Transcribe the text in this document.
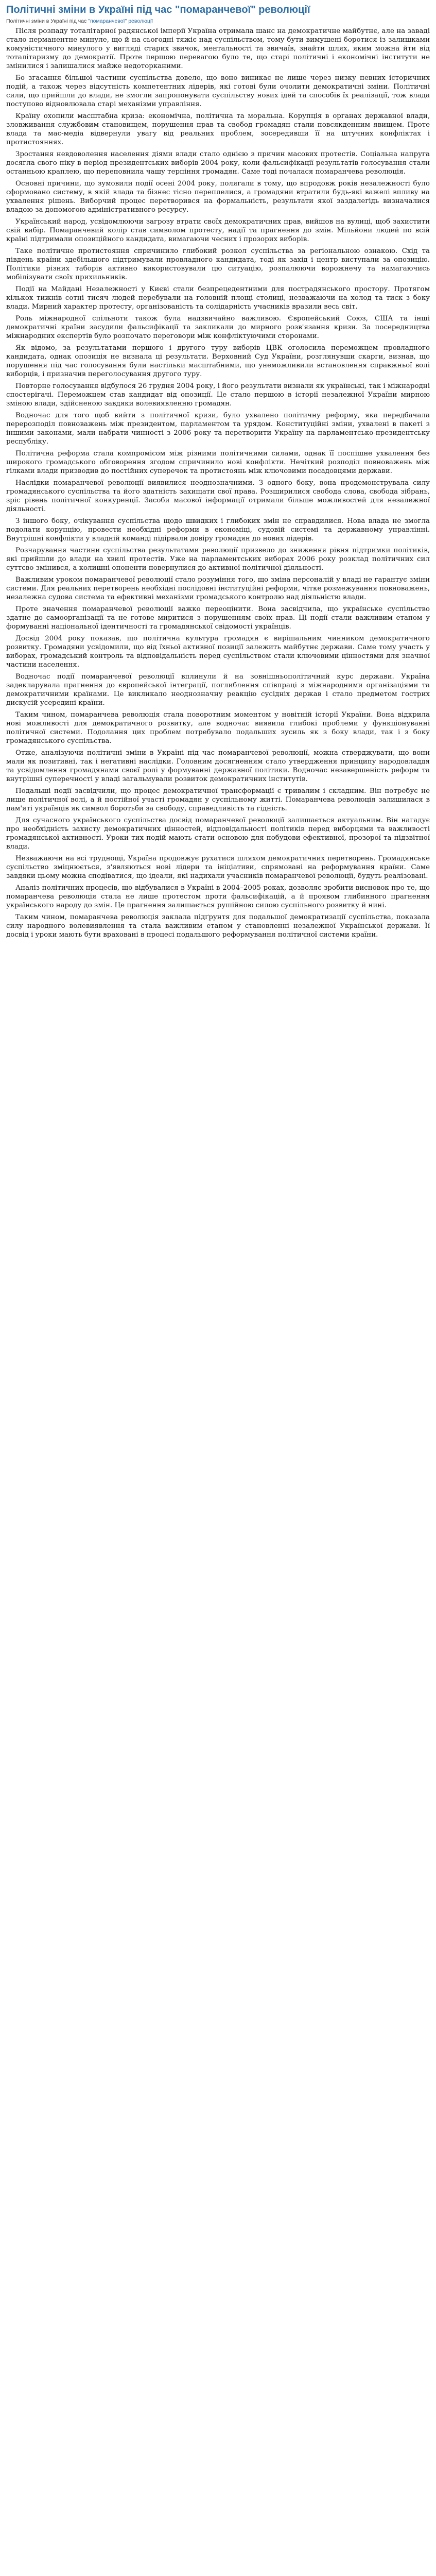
Політичні зміни в Україні під час "помаранчевої" революції
Політичні зміни в Україні під час "помаранчевої" революції

Після розпаду тоталітарної радянської імперії Україна отримала шанс на демократичне майбутнє, але на заваді стало перманентне минуле, що й на сьогодні тяжіє над суспільством, тому бути вимушені боротися із залишками комуністичного минулого у вигляді старих звичок, ментальності та звичаїв, знайти шлях, яким можна йти від тоталітаризму до демократії. Проте першою перевагою було те, що старі політичні і економічні інститути не змінилися і залишалися майже недоторканими.

Бо згасання більшої частини суспільства довело, що воно виникає не лише через низку певних історичних подій, а також через відсутність компетентних лідерів, які готові були очолити демократичні зміни. Політичні сили, що прийшли до влади, не змогли запропонувати суспільству нових ідей та способів їх реалізації, тож влада поступово відновлювала старі механізми управління.

Країну охопили масштабна криза: економічна, політична та моральна. Корупція в органах державної влади, зловживання службовим становищем, порушення прав та свобод громадян стали повсякденним явищем. Проте влада та мас-медіа відвернули увагу від реальних проблем, зосередивши її на штучних конфліктах і протистояннях.

Зростання невдоволення населення діями влади стало однією з причин масових протестів. Соціальна напруга досягла свого піку в період президентських виборів 2004 року, коли фальсифікації результатів голосування стали останньою краплею, що переповнила чашу терпіння громадян. Саме тоді почалася помаранчева революція.

Основні причини, що зумовили події осені 2004 року, полягали в тому, що впродовж років незалежності було сформовано систему, в якій влада та бізнес тісно переплелися, а громадяни втратили будь-які важелі впливу на ухвалення рішень. Виборчий процес перетворився на формальність, результати якої заздалегідь визначалися владою за допомогою адміністративного ресурсу.

Український народ, усвідомлюючи загрозу втрати своїх демократичних прав, вийшов на вулиці, щоб захистити свій вибір. Помаранчевий колір став символом протесту, надії та прагнення до змін. Мільйони людей по всій країні підтримали опозиційного кандидата, вимагаючи чесних і прозорих виборів.

Таке політичне протистояння спричинило глибокий розкол суспільства за регіональною ознакою. Схід та південь країни здебільшого підтримували провладного кандидата, тоді як захід і центр виступали за опозицію. Політики різних таборів активно використовували цю ситуацію, розпалюючи ворожнечу та намагаючись мобілізувати своїх прихильників.

Події на Майдані Незалежності у Києві стали безпрецедентними для пострадянського простору. Протягом кількох тижнів сотні тисяч людей перебували на головній площі столиці, незважаючи на холод та тиск з боку влади. Мирний характер протесту, організованість та солідарність учасників вразили весь світ.

Роль міжнародної спільноти також була надзвичайно важливою. Європейський Союз, США та інші демократичні країни засудили фальсифікації та закликали до мирного розв'язання кризи. За посередництва міжнародних експертів було розпочато переговори між конфліктуючими сторонами.

Як відомо, за результатами першого і другого туру виборів ЦВК оголосила переможцем провладного кандидата, однак опозиція не визнала ці результати. Верховний Суд України, розглянувши скарги, визнав, що порушення під час голосування були настільки масштабними, що унеможливили встановлення справжньої волі виборців, і призначив переголосування другого туру.

Повторне голосування відбулося 26 грудня 2004 року, і його результати визнали як українські, так і міжнародні спостерігачі. Переможцем став кандидат від опозиції. Це стало першою в історії незалежної України мирною зміною влади, здійсненою завдяки волевиявленню громадян.

Водночас для того щоб вийти з політичної кризи, було ухвалено політичну реформу, яка передбачала перерозподіл повноважень між президентом, парламентом та урядом. Конституційні зміни, ухвалені в пакеті з іншими законами, мали набрати чинності з 2006 року та перетворити Україну на парламентсько-президентську республіку.

Політична реформа стала компромісом між різними політичними силами, однак її поспішне ухвалення без широкого громадського обговорення згодом спричинило нові конфлікти. Нечіткий розподіл повноважень між гілками влади призводив до постійних суперечок та протистоянь між ключовими посадовцями держави.

Наслідки помаранчевої революції виявилися неоднозначними. З одного боку, вона продемонструвала силу громадянського суспільства та його здатність захищати свої права. Розширилися свобода слова, свобода зібрань, зріс рівень політичної конкуренції. Засоби масової інформації отримали більше можливостей для незалежної діяльності.

З іншого боку, очікування суспільства щодо швидких і глибоких змін не справдилися. Нова влада не змогла подолати корупцію, провести необхідні реформи в економіці, судовій системі та державному управлінні. Внутрішні конфлікти у владній команді підірвали довіру громадян до нових лідерів.

Розчарування частини суспільства результатами революції призвело до зниження рівня підтримки політиків, які прийшли до влади на хвилі протестів. Уже на парламентських виборах 2006 року розклад політичних сил суттєво змінився, а колишні опоненти повернулися до активної політичної діяльності.

Важливим уроком помаранчевої революції стало розуміння того, що зміна персоналій у владі не гарантує зміни системи. Для реальних перетворень необхідні послідовні інституційні реформи, чітке розмежування повноважень, незалежна судова система та ефективні механізми громадського контролю над діяльністю влади.

Проте значення помаранчевої революції важко переоцінити. Вона засвідчила, що українське суспільство здатне до самоорганізації та не готове миритися з порушенням своїх прав. Ці події стали важливим етапом у формуванні національної ідентичності та громадянської свідомості українців.

Досвід 2004 року показав, що політична культура громадян є вирішальним чинником демократичного розвитку. Громадяни усвідомили, що від їхньої активної позиції залежить майбутнє держави. Саме тому участь у виборах, громадський контроль та відповідальність перед суспільством стали ключовими цінностями для значної частини населення.

Водночас події помаранчевої революції вплинули й на зовнішньополітичний курс держави. Україна задекларувала прагнення до європейської інтеграції, поглиблення співпраці з міжнародними організаціями та демократичними країнами. Це викликало неоднозначну реакцію сусідніх держав і стало предметом гострих дискусій усередині країни.

Таким чином, помаранчева революція стала поворотним моментом у новітній історії України. Вона відкрила нові можливості для демократичного розвитку, але водночас виявила глибокі проблеми у функціонуванні політичної системи. Подолання цих проблем потребувало подальших зусиль як з боку влади, так і з боку громадянського суспільства.

Отже, аналізуючи політичні зміни в Україні під час помаранчевої революції, можна стверджувати, що вони мали як позитивні, так і негативні наслідки. Головним досягненням стало утвердження принципу народовладдя та усвідомлення громадянами своєї ролі у формуванні державної політики. Водночас незавершеність реформ та внутрішні суперечності у владі загальмували розвиток демократичних інститутів.

Подальші події засвідчили, що процес демократичної трансформації є тривалим і складним. Він потребує не лише політичної волі, а й постійної участі громадян у суспільному житті. Помаранчева революція залишилася в пам'яті українців як символ боротьби за свободу, справедливість та гідність.

Для сучасного українського суспільства досвід помаранчевої революції залишається актуальним. Він нагадує про необхідність захисту демократичних цінностей, відповідальності політиків перед виборцями та важливості громадянської активності. Уроки тих подій мають стати основою для побудови ефективної, прозорої та підзвітної влади.

Незважаючи на всі труднощі, Україна продовжує рухатися шляхом демократичних перетворень. Громадянське суспільство зміцнюється, з'являються нові лідери та ініціативи, спрямовані на реформування країни. Саме завдяки цьому можна сподіватися, що ідеали, які надихали учасників помаранчевої революції, будуть реалізовані.

Аналіз політичних процесів, що відбувалися в Україні в 2004–2005 роках, дозволяє зробити висновок про те, що помаранчева революція стала не лише протестом проти фальсифікацій, а й проявом глибинного прагнення українського народу до змін. Це прагнення залишається рушійною силою суспільного розвитку й нині.

Таким чином, помаранчева революція заклала підґрунтя для подальшої демократизації суспільства, показала силу народного волевиявлення та стала важливим етапом у становленні незалежної Української держави. Її досвід і уроки мають бути враховані в процесі подальшого реформування політичної системи країни.
